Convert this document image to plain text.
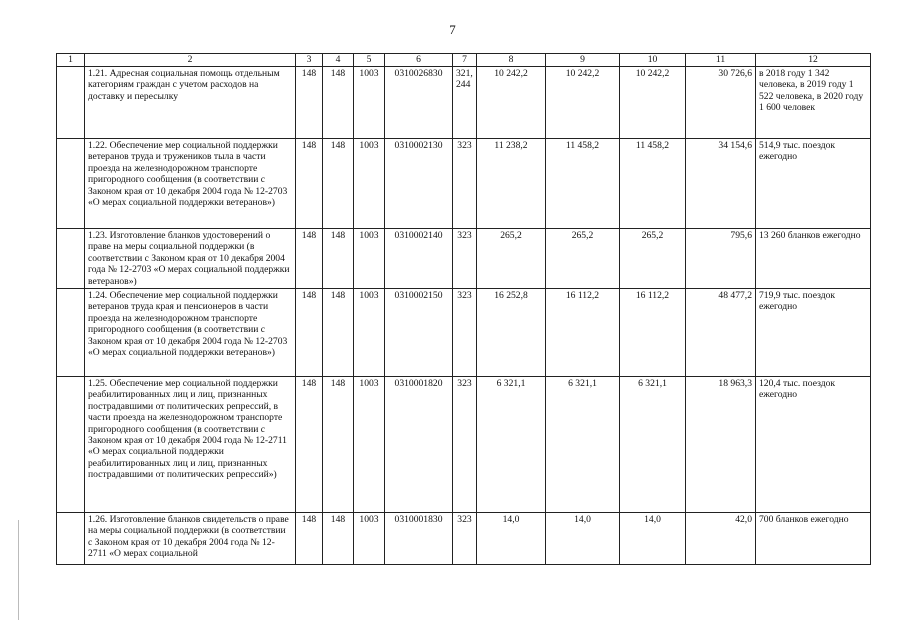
7
1	2	3	4	5	6	7	8	9	10	11	12
	1.21. Адресная социальная помощь отдельным категориям граждан с учетом расходов на доставку и пересылку	148	148	1003	0310026830	321, 244	10 242,2	10 242,2	10 242,2	30 726,6	в 2018 году 1 342 человека, в 2019 году 1 522 человека, в 2020 году 1 600 человек
	1.22. Обеспечение мер социальной поддержки ветеранов труда и тружеников тыла в части проезда на железнодорожном транспорте пригородного сообщения (в соответствии с Законом края от 10 декабря 2004 года № 12-2703 «О мерах социальной поддержки ветеранов»)	148	148	1003	0310002130	323	11 238,2	11 458,2	11 458,2	34 154,6	514,9 тыс. поездок ежегодно
	1.23. Изготовление бланков удостоверений о праве на меры социальной поддержки (в соответствии с Законом края от 10 декабря 2004 года № 12-2703 «О мерах социальной поддержки ветеранов»)	148	148	1003	0310002140	323	265,2	265,2	265,2	795,6	13 260 бланков ежегодно
	1.24. Обеспечение мер социальной поддержки ветеранов труда края и пенсионеров в части проезда на железнодорожном транспорте пригородного сообщения (в соответствии с Законом края от 10 декабря 2004 года № 12-2703 «О мерах социальной поддержки ветеранов»)	148	148	1003	0310002150	323	16 252,8	16 112,2	16 112,2	48 477,2	719,9 тыс. поездок ежегодно
	1.25. Обеспечение мер социальной поддержки реабилитированных лиц и лиц, признанных пострадавшими от политических репрессий, в части проезда на железнодорожном транспорте пригородного сообщения (в соответствии с Законом края от 10 декабря 2004 года № 12-2711 «О мерах социальной поддержки реабилитированных лиц и лиц, признанных пострадавшими от политических репрессий»)	148	148	1003	0310001820	323	6 321,1	6 321,1	6 321,1	18 963,3	120,4 тыс. поездок ежегодно
	1.26. Изготовление бланков свидетельств о праве на меры социальной поддержки (в соответствии с Законом края от 10 декабря 2004 года № 12-2711 «О мерах социальной	148	148	1003	0310001830	323	14,0	14,0	14,0	42,0	700 бланков ежегодно
